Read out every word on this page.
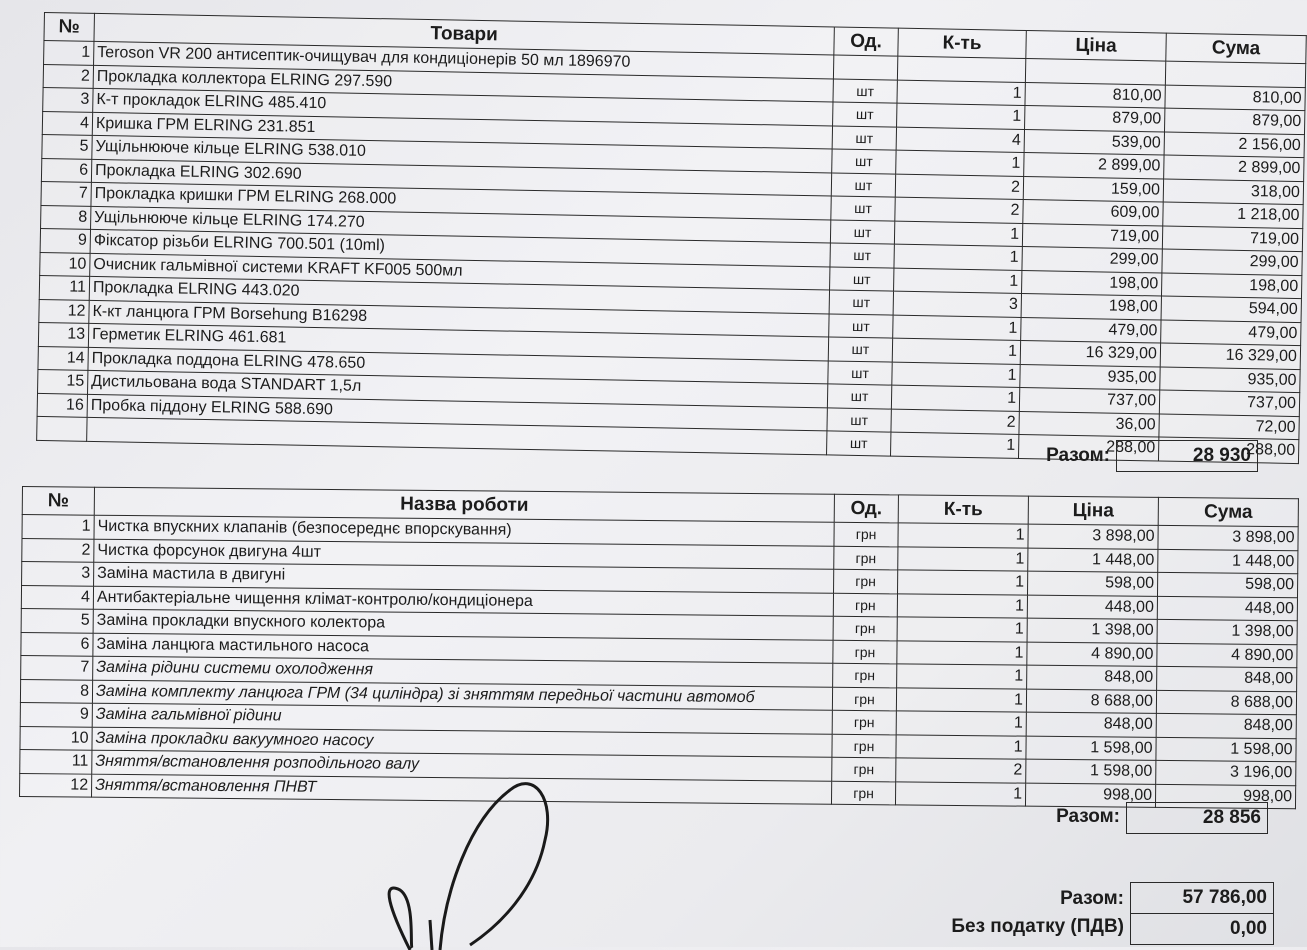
№	Товари	Од.	К-ть	Ціна	Сума
1	Teroson VR 200 антисептик-очищувач для кондиціонерів 50 мл 1896970				
2	Прокладка коллектора ELRING 297.590	шт	1	810,00	810,00
3	К-т прокладок ELRING 485.410	шт	1	879,00	879,00
4	Кришка ГРМ ELRING 231.851	шт	4	539,00	2 156,00
5	Ущільнююче кільце ELRING 538.010	шт	1	2 899,00	2 899,00
6	Прокладка ELRING 302.690	шт	2	159,00	318,00
7	Прокладка кришки ГРМ ELRING 268.000	шт	2	609,00	1 218,00
8	Ущільнююче кільце ELRING 174.270	шт	1	719,00	719,00
9	Фіксатор різьби ELRING 700.501 (10ml)	шт	1	299,00	299,00
10	Очисник гальмівної системи KRAFT KF005 500мл	шт	1	198,00	198,00
11	Прокладка ELRING 443.020	шт	3	198,00	594,00
12	К-кт ланцюга ГРМ Borsehung B16298	шт	1	479,00	479,00
13	Герметик ELRING 461.681	шт	1	16 329,00	16 329,00
14	Прокладка поддона ELRING 478.650	шт	1	935,00	935,00
15	Дистильована вода STANDART 1,5л	шт	1	737,00	737,00
16	Пробка піддону ELRING 588.690	шт	2	36,00	72,00
		шт	1	288,00	288,00
Разом:	28 930
№	Назва роботи	Од.	К-ть	Ціна	Сума
1	Чистка впускних клапанів (безпосереднє впорскування)	грн	1	3 898,00	3 898,00
2	Чистка форсунок двигуна 4шт	грн	1	1 448,00	1 448,00
3	Заміна мастила в двигуні	грн	1	598,00	598,00
4	Антибактеріальне чищення клімат-контролю/кондиціонера	грн	1	448,00	448,00
5	Заміна прокладки впускного колектора	грн	1	1 398,00	1 398,00
6	Заміна ланцюга мастильного насоса	грн	1	4 890,00	4 890,00
7	Заміна рідини системи охолодження	грн	1	848,00	848,00
8	Заміна комплекту ланцюга ГРМ (34 циліндра) зі зняттям передньої частини автомоб	грн	1	8 688,00	8 688,00
9	Заміна гальмівної рідини	грн	1	848,00	848,00
10	Заміна прокладки вакуумного насосу	грн	1	1 598,00	1 598,00
11	Зняття/встановлення розподільного валу	грн	2	1 598,00	3 196,00
12	Зняття/встановлення ПНВТ	грн	1	998,00	998,00
Разом:	28 856
Разом:	57 786,00
Без податку (ПДВ)	0,00
